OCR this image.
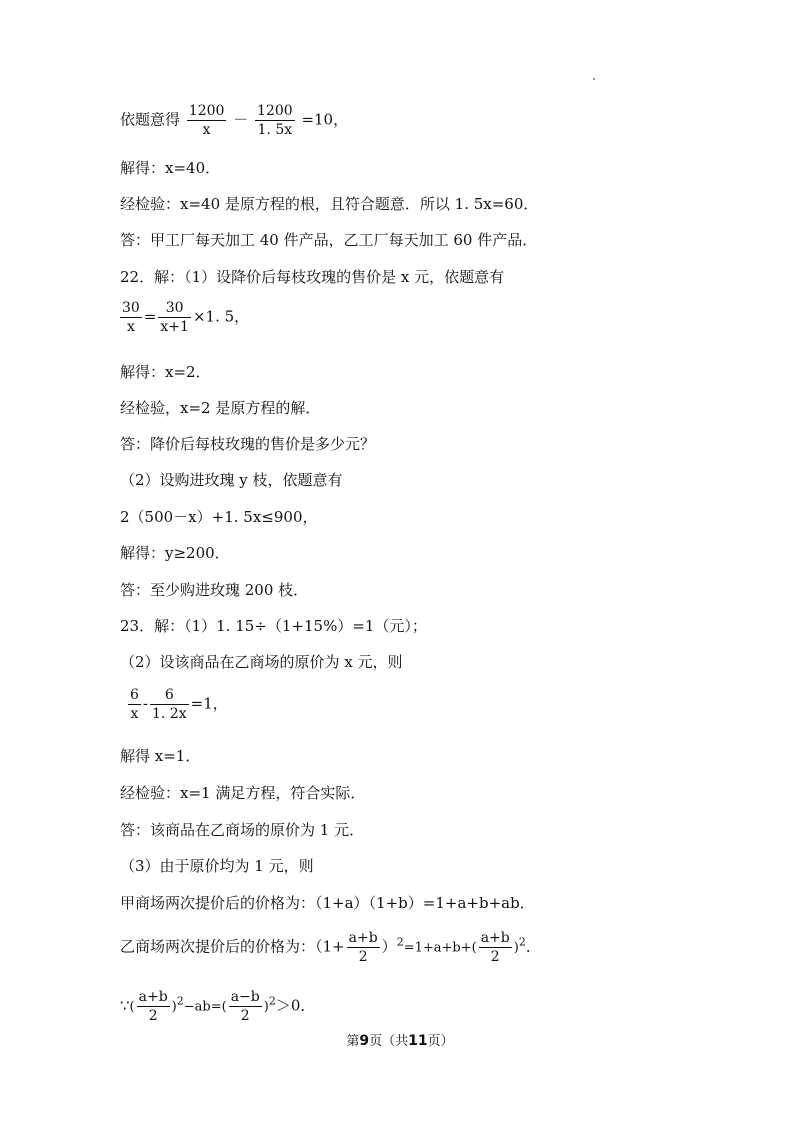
依题意得 $\frac{1200}{x} - \frac{1200}{1. 5x} =10$，
解得：x=40．
经检验：x=40 是原方程的根，且符合题意．所以 1. 5x=60．
答：甲工厂每天加工 40 件产品，乙工厂每天加工 60 件产品．
22．解：（1）设降价后每枝玫瑰的售价是 x 元，依题意有
$\frac{30}{x} = \frac{30}{x+1} \times 1$. 5，
解得：x=2．
经检验，x=2 是原方程的解．
答：降价后每枝玫瑰的售价是多少元？
（2）设购进玫瑰 y 枝，依题意有
2（500－x）+1. 5x≤900，
解得：y≥200．
答：至少购进玫瑰 200 枝．
23．解：（1）1. 15÷（1+15%）=1（元）；
（2）设该商品在乙商场的原价为 x 元，则
$\frac{6}{x} - \frac{6}{1. 2x} =1$，
解得 x=1．
经检验：x=1 满足方程，符合实际．
答：该商品在乙商场的原价为 1 元．
（3）由于原价均为 1 元，则
甲商场两次提价后的价格为：（1+a）（1+b）=1+a+b+ab．
乙商场两次提价后的价格为：$(1+ \frac{a+b}{2} )^2=1+a+b+( \frac{a+b}{2} )^2$．
∵( $\frac{a+b}{2} )^2-ab=( \frac{a-b}{2} )^2>0$．
第9页（共11页）
